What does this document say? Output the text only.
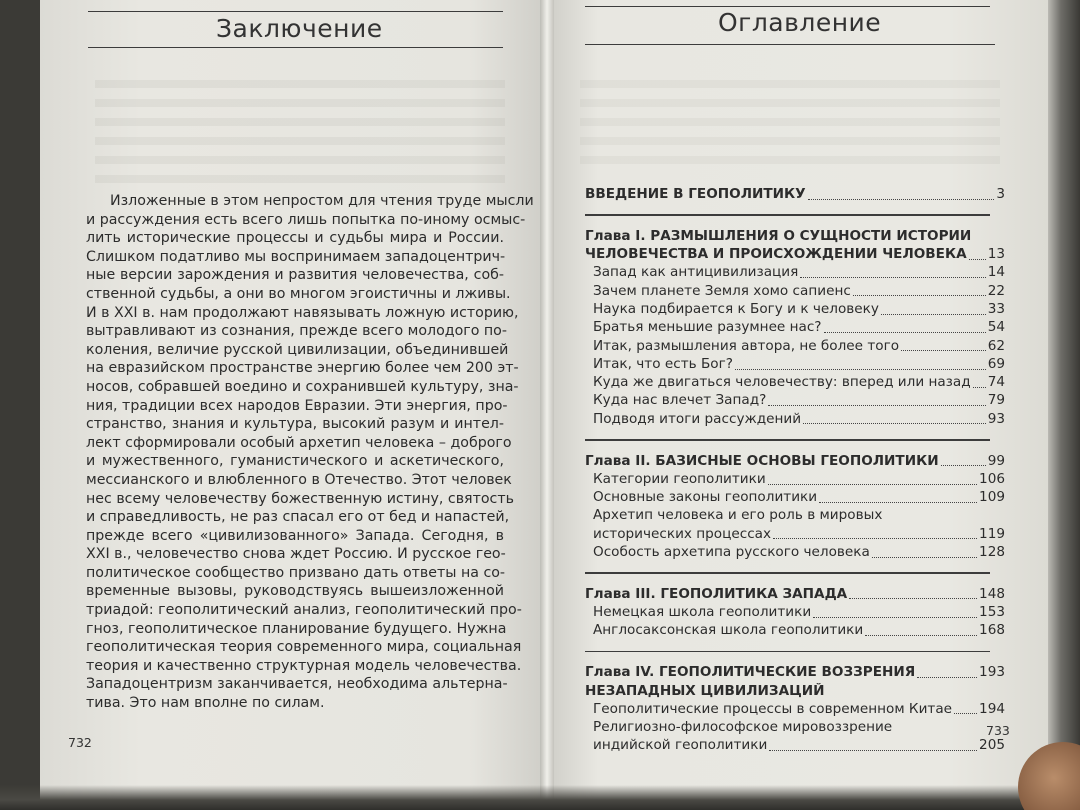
Заключение
Изложенные в этом непростом для чтения труде мысли
и рассуждения есть всего лишь попытка по-иному осмыс-
лить исторические процессы и судьбы мира и России.
Слишком податливо мы воспринимаем западоцентрич-
ные версии зарождения и развития человечества, соб-
ственной судьбы, а они во многом эгоистичны и лживы.
И в XXI в. нам продолжают навязывать ложную историю,
вытравливают из сознания, прежде всего молодого по-
коления, величие русской цивилизации, объединившей
на евразийском пространстве энергию более чем 200 эт-
носов, собравшей воедино и сохранившей культуру, зна-
ния, традиции всех народов Евразии. Эти энергия, про-
странство, знания и культура, высокий разум и интел-
лект сформировали особый архетип человека – доброго
и мужественного, гуманистического и аскетического,
мессианского и влюбленного в Отечество. Этот человек
нес всему человечеству божественную истину, святость
и справедливость, не раз спасал его от бед и напастей,
прежде всего «цивилизованного» Запада. Сегодня, в
XXI в., человечество снова ждет Россию. И русское гео-
политическое сообщество призвано дать ответы на со-
временные вызовы, руководствуясь вышеизложенной
триадой: геополитический анализ, геополитический про-
гноз, геополитическое планирование будущего. Нужна
геополитическая теория современного мира, социальная
теория и качественно структурная модель человечества.
Западоцентризм заканчивается, необходима альтерна-
тива. Это нам вполне по силам.
732
Оглавление
ВВЕДЕНИЕ В ГЕОПОЛИТИКУ	3
Глава I. РАЗМЫШЛЕНИЯ О СУЩНОСТИ ИСТОРИИ
ЧЕЛОВЕЧЕСТВА И ПРОИСХОЖДЕНИИ ЧЕЛОВЕКА 13
Запад как антицивилизация	14
Зачем планете Земля хомо сапиенс	22
Наука подбирается к Богу и к человеку	33
Братья меньшие разумнее нас?	54
Итак, размышления автора, не более того	62
Итак, что есть Бог?	69
Куда же двигаться человечеству: вперед или назад 74
Куда нас влечет Запад?	79
Подводя итоги рассуждений	93
Глава II. БАЗИСНЫЕ ОСНОВЫ ГЕОПОЛИТИКИ	99
Категории геополитики	106
Основные законы геополитики	109
Архетип человека и его роль в мировых
исторических процессах	119
Особость архетипа русского человека	128
Глава III. ГЕОПОЛИТИКА ЗАПАДА	148
Немецкая школа геополитики	153
Англосаксонская школа геополитики	168
Глава IV. ГЕОПОЛИТИЧЕСКИЕ ВОЗЗРЕНИЯ	193
НЕЗАПАДНЫХ ЦИВИЛИЗАЦИЙ
Геополитические процессы в современном Китае 194
Религиозно-философское мировоззрение
индийской геополитики	205
733
